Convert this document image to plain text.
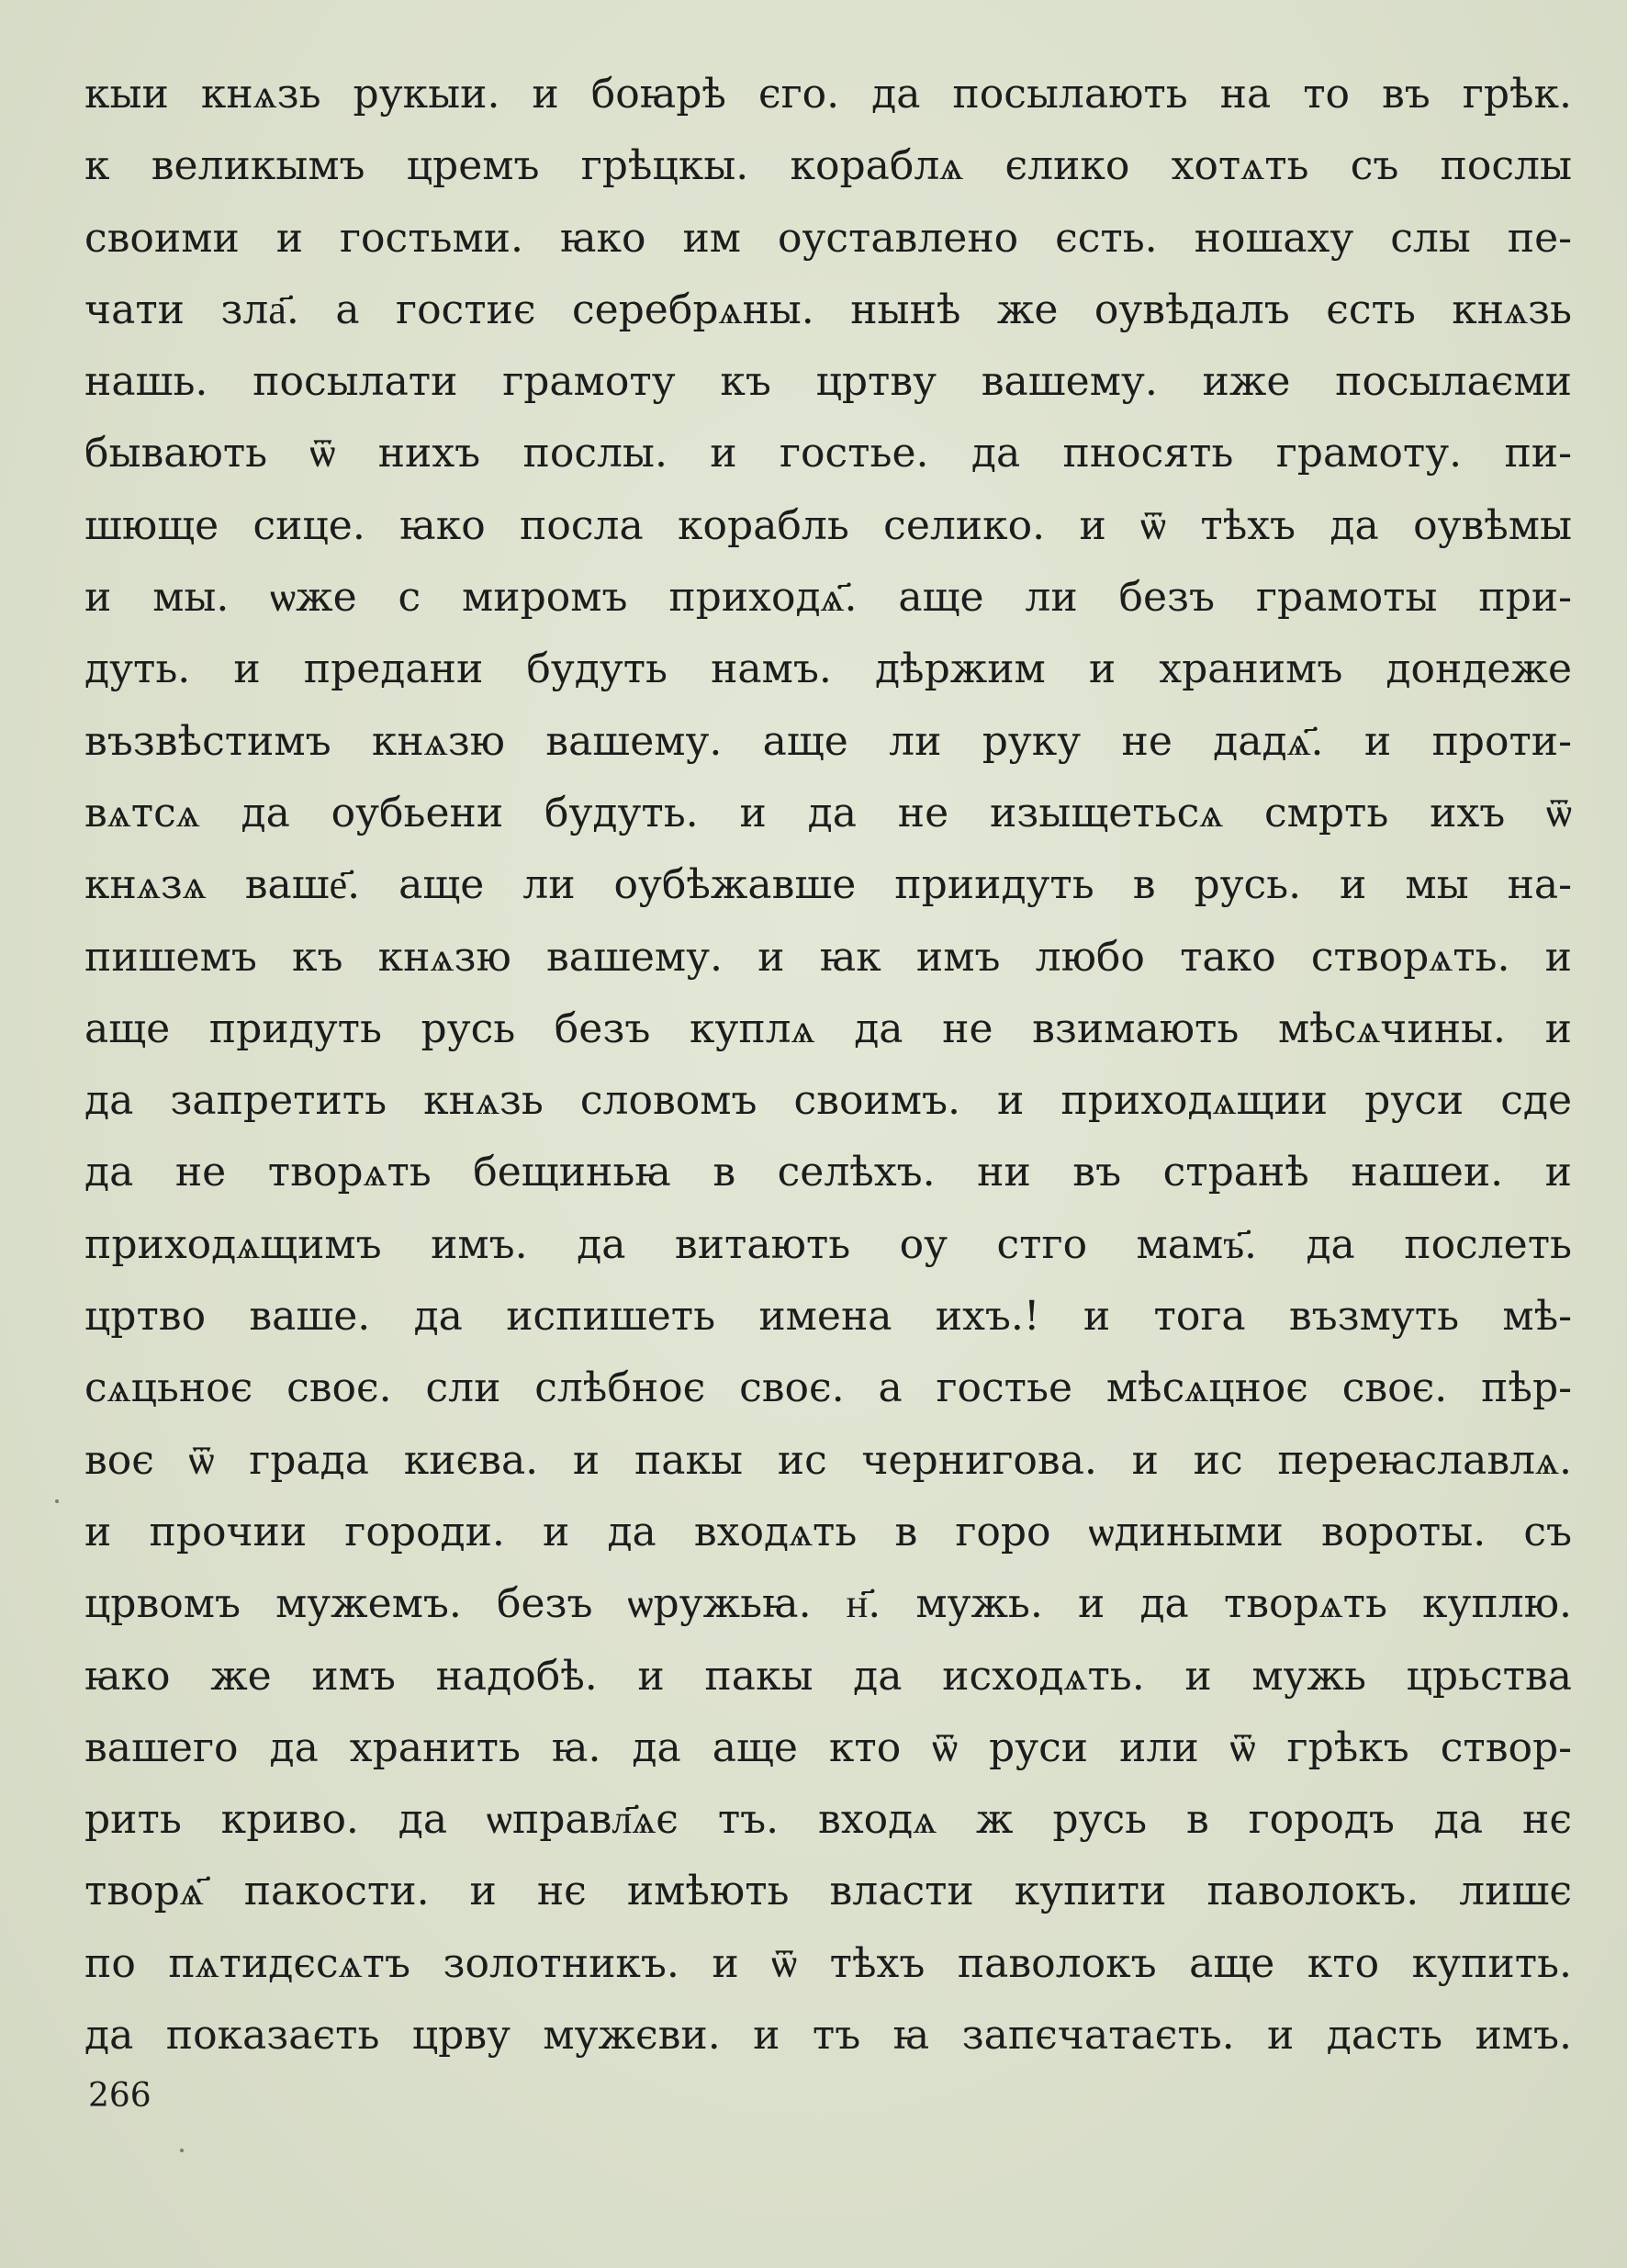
кыи кнѧзь рукыи. и боꙗрѣ єго. да посылають на то въ грѣк.
к великымъ цремъ грѣцкы. кораблѧ єлико хотѧть съ послы
своими и гостьми. ꙗко им оуставлено єсть. ношаху слы пе-
чати зла҃. а гостиє серебрѧны. нынѣ же оувѣдалъ єсть кнѧзь
нашь. посылати грамоту къ цртву вашему. иже посылаєми
бывають ѿ нихъ послы. и гостье. да пносять грамоту. пи-
шюще сице. ꙗко посла корабль селико. и ѿ тѣхъ да оувѣмы
и мы. ѡже с миромъ приходѧ҃. аще ли безъ грамоты при-
дуть. и предани будуть намъ. дѣржим и хранимъ дондеже
възвѣстимъ кнѧзю вашему. аще ли руку не дадѧ҃. и проти-
вѧтсѧ да оубьени будуть. и да не изыщетьсѧ смрть ихъ ѿ
кнѧзѧ ваше҃. аще ли оубѣжавше приидуть в русь. и мы на-
пишемъ къ кнѧзю вашему. и ꙗк имъ любо тако створѧть. и
аще придуть русь безъ куплѧ да не взимають мѣсѧчины. и
да запретить кнѧзь словомъ своимъ. и приходѧщии руси сде
да не творѧть бещиньꙗ в селѣхъ. ни въ странѣ нашеи. и
приходѧщимъ имъ. да витають оу стго мамъ҃. да послеть
цртво ваше. да испишеть имена ихъ.! и тога възмуть мѣ-
сѧцьноє своє. сли слѣбноє своє. а гостье мѣсѧцноє своє. пѣр-
воє ѿ града києва. и пакы ис чернигова. и ис переꙗславлѧ.
и прочии городи. и да входѧть в горо ѡдиными вороты. съ
црвомъ мужемъ. безъ ѡружьꙗ. н҃. мужь. и да творѧть куплю.
ꙗко же имъ надобѣ. и пакы да исходѧть. и мужь црьства
вашего да хранить ꙗ. да аще кто ѿ руси или ѿ грѣкъ створ-
рить криво. да ѡправл҃ѧє тъ. входѧ ж русь в городъ да нє
творѧ҃ пакости. и нє имѣють власти купити паволокъ. лишє
по пѧтидєсѧтъ золотникъ. и ѿ тѣхъ паволокъ аще кто купить.
да показаєть црву мужєви. и тъ ꙗ запєчатаєть. и дасть имъ.
266
